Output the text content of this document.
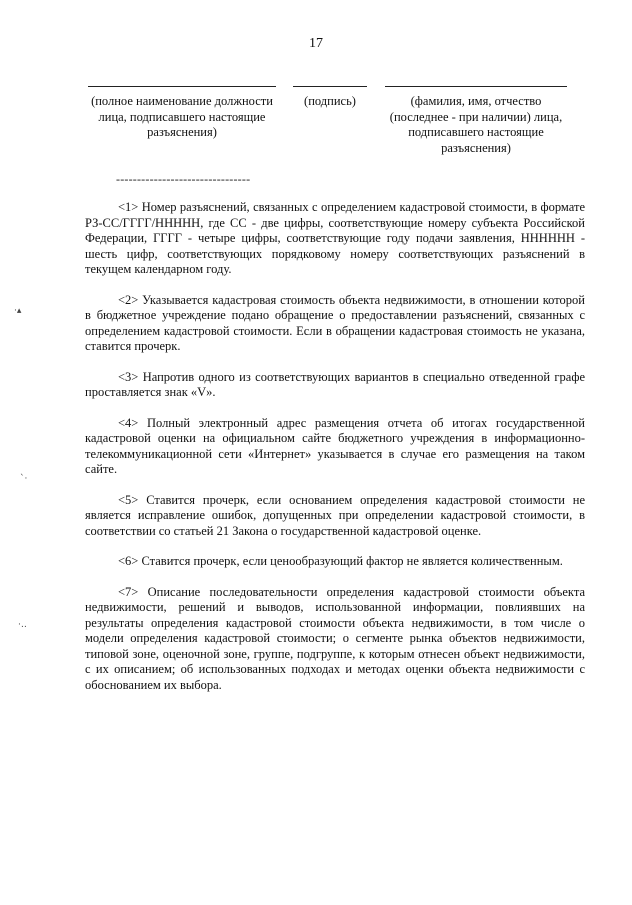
17
(полное наименование должности лица, подписавшего настоящие разъяснения)
(подпись)	(фамилия, имя, отчество (последнее - при наличии) лица, подписавшего настоящие разъяснения)
--------------------------------

<1> Номер разъяснений, связанных с определением кадастровой стоимости, в формате РЗ-СС/ГГГГ/ННННН, где СС - две цифры, соответствующие номеру субъекта Российской Федерации, ГГГГ - четыре цифры, соответствующие году подачи заявления, НННННН - шесть цифр, соответствующих порядковому номеру соответствующих разъяснений в текущем календарном году.

<2> Указывается кадастровая стоимость объекта недвижимости, в отношении которой в бюджетное учреждение подано обращение о предоставлении разъяснений, связанных с определением кадастровой стоимости. Если в обращении кадастровая стоимость не указана, ставится прочерк.

<3> Напротив одного из соответствующих вариантов в специально отведенной графе проставляется знак «V».

<4> Полный электронный адрес размещения отчета об итогах государственной кадастровой оценки на официальном сайте бюджетного учреждения в информационно-телекоммуникационной сети «Интернет» указывается в случае его размещения на таком сайте.

<5> Ставится прочерк, если основанием определения кадастровой стоимости не является исправление ошибок, допущенных при определении кадастровой стоимости, в соответствии со статьей 21 Закона о государственной кадастровой оценке.

<6> Ставится прочерк, если ценообразующий фактор не является количественным.

<7> Описание последовательности определения кадастровой стоимости объекта недвижимости, решений и выводов, использованной информации, повлиявших на результаты определения кадастровой стоимости объекта недвижимости, в том числе о модели определения кадастровой стоимости; о сегменте рынка объектов недвижимости, типовой зоне, оценочной зоне, группе, подгруппе, к которым отнесен объект недвижимости, с их описанием; об использованных подходах и методах оценки объекта недвижимости с обоснованием их выбора.

·▴
ˋ·
·‥
